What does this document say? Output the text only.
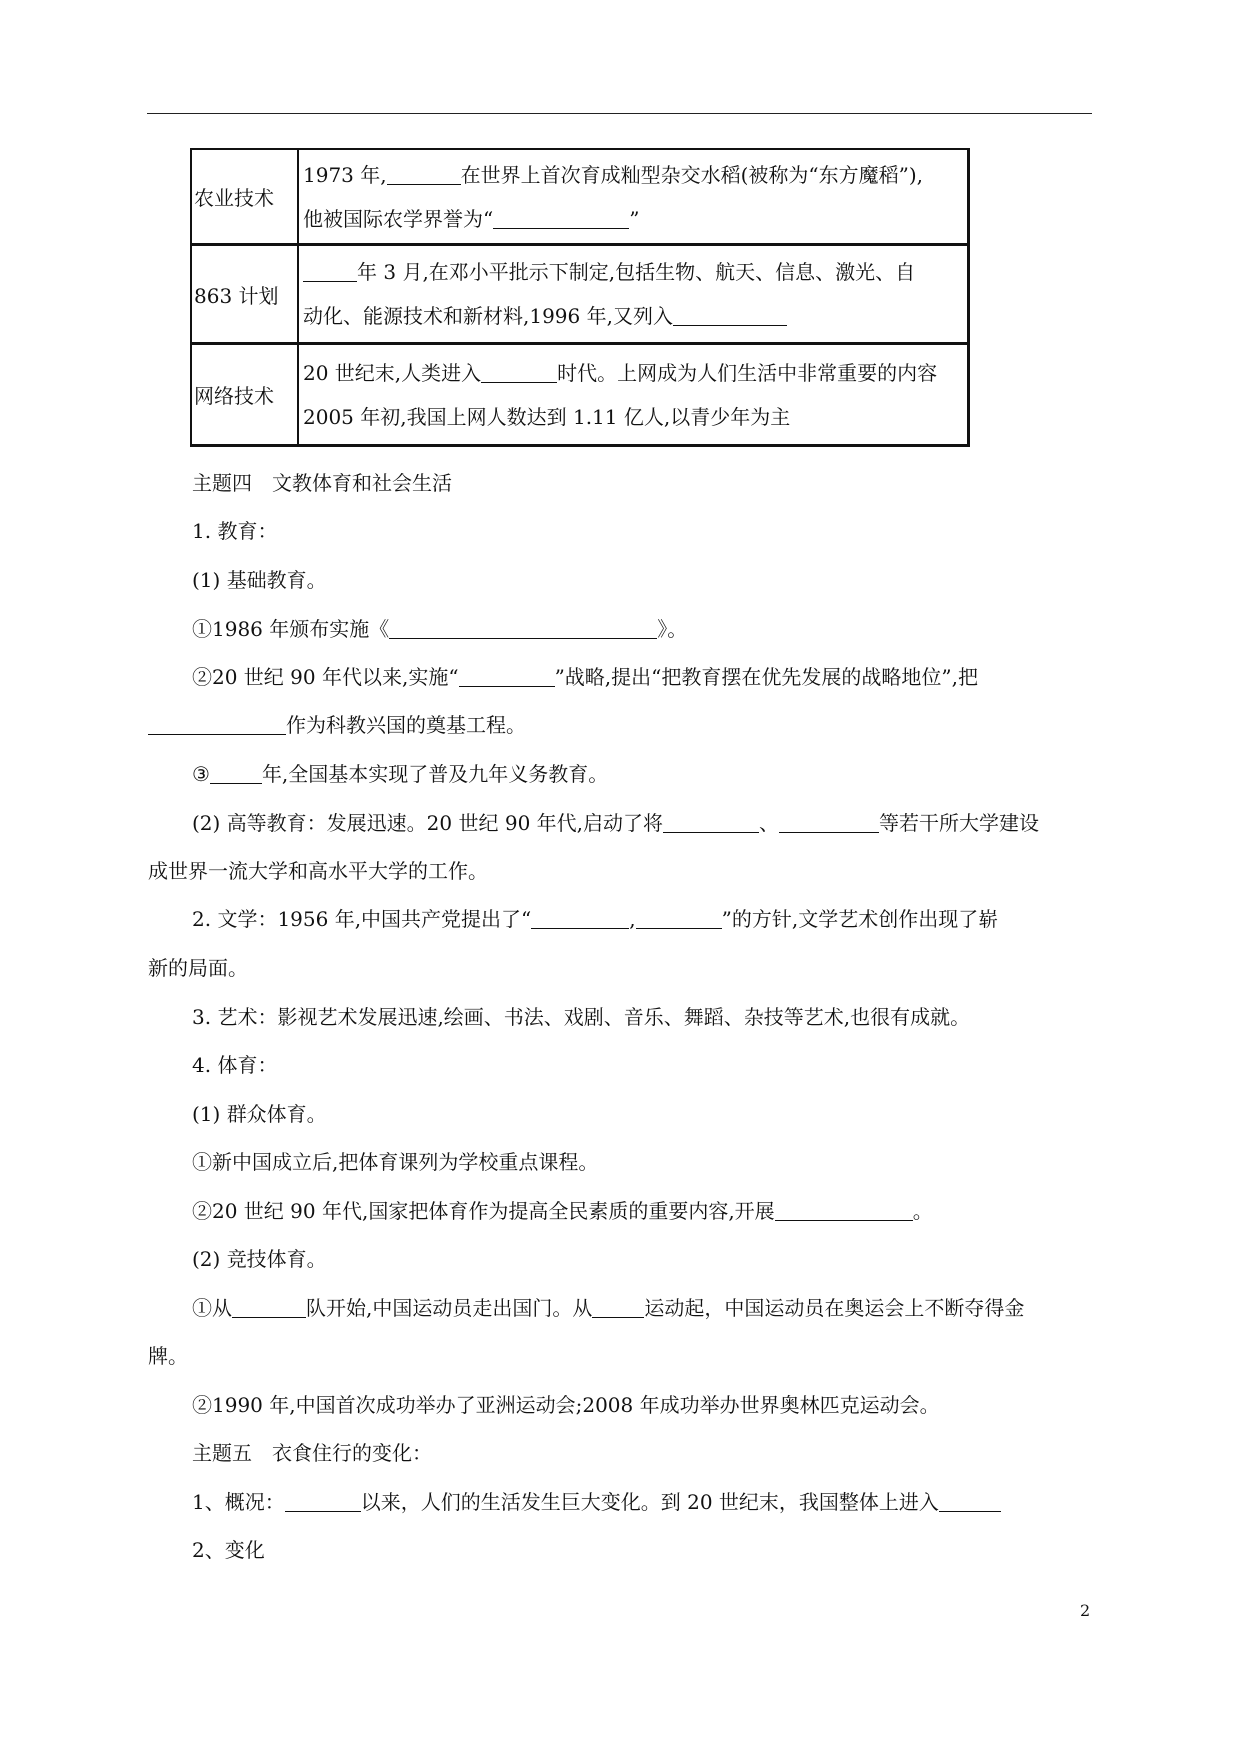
农业技术	1973 年, 在世界上首次育成籼型杂交水稻(被称为“东方魔稻”),
他被国际农学界誉为“ ”

863 计划	年 3 月,在邓小平批示下制定,包括生物、航天、信息、激光、自
动化、能源技术和新材料,1996 年,又列入

网络技术	20 世纪末,人类进入 时代。上网成为人们生活中非常重要的内容
2005 年初,我国上网人数达到 1.11 亿人,以青少年为主
主题四　文教体育和社会生活
1. 教育：
(1) 基础教育。
①1986 年颁布实施《	》。
②20 世纪 90 年代以来,实施“	”战略,提出“把教育摆在优先发展的战略地位”,把
作为科教兴国的奠基工程。
③	年,全国基本实现了普及九年义务教育。
(2) 高等教育：发展迅速。20 世纪 90 年代,启动了将	、	等若干所大学建设
成世界一流大学和高水平大学的工作。
2. 文学：1956 年,中国共产党提出了“	,	”的方针,文学艺术创作出现了崭
新的局面。
3. 艺术：影视艺术发展迅速,绘画、书法、戏剧、音乐、舞蹈、杂技等艺术,也很有成就。
4. 体育：
(1) 群众体育。
①新中国成立后,把体育课列为学校重点课程。
②20 世纪 90 年代,国家把体育作为提高全民素质的重要内容,开展	。
(2) 竞技体育。
①从	队开始,中国运动员走出国门。从	运动起，中国运动员在奥运会上不断夺得金
牌。
②1990 年,中国首次成功举办了亚洲运动会;2008 年成功举办世界奥林匹克运动会。
主题五　衣食住行的变化：
1、概况：	以来，人们的生活发生巨大变化。到 20 世纪末，我国整体上进入
2、变化
2
